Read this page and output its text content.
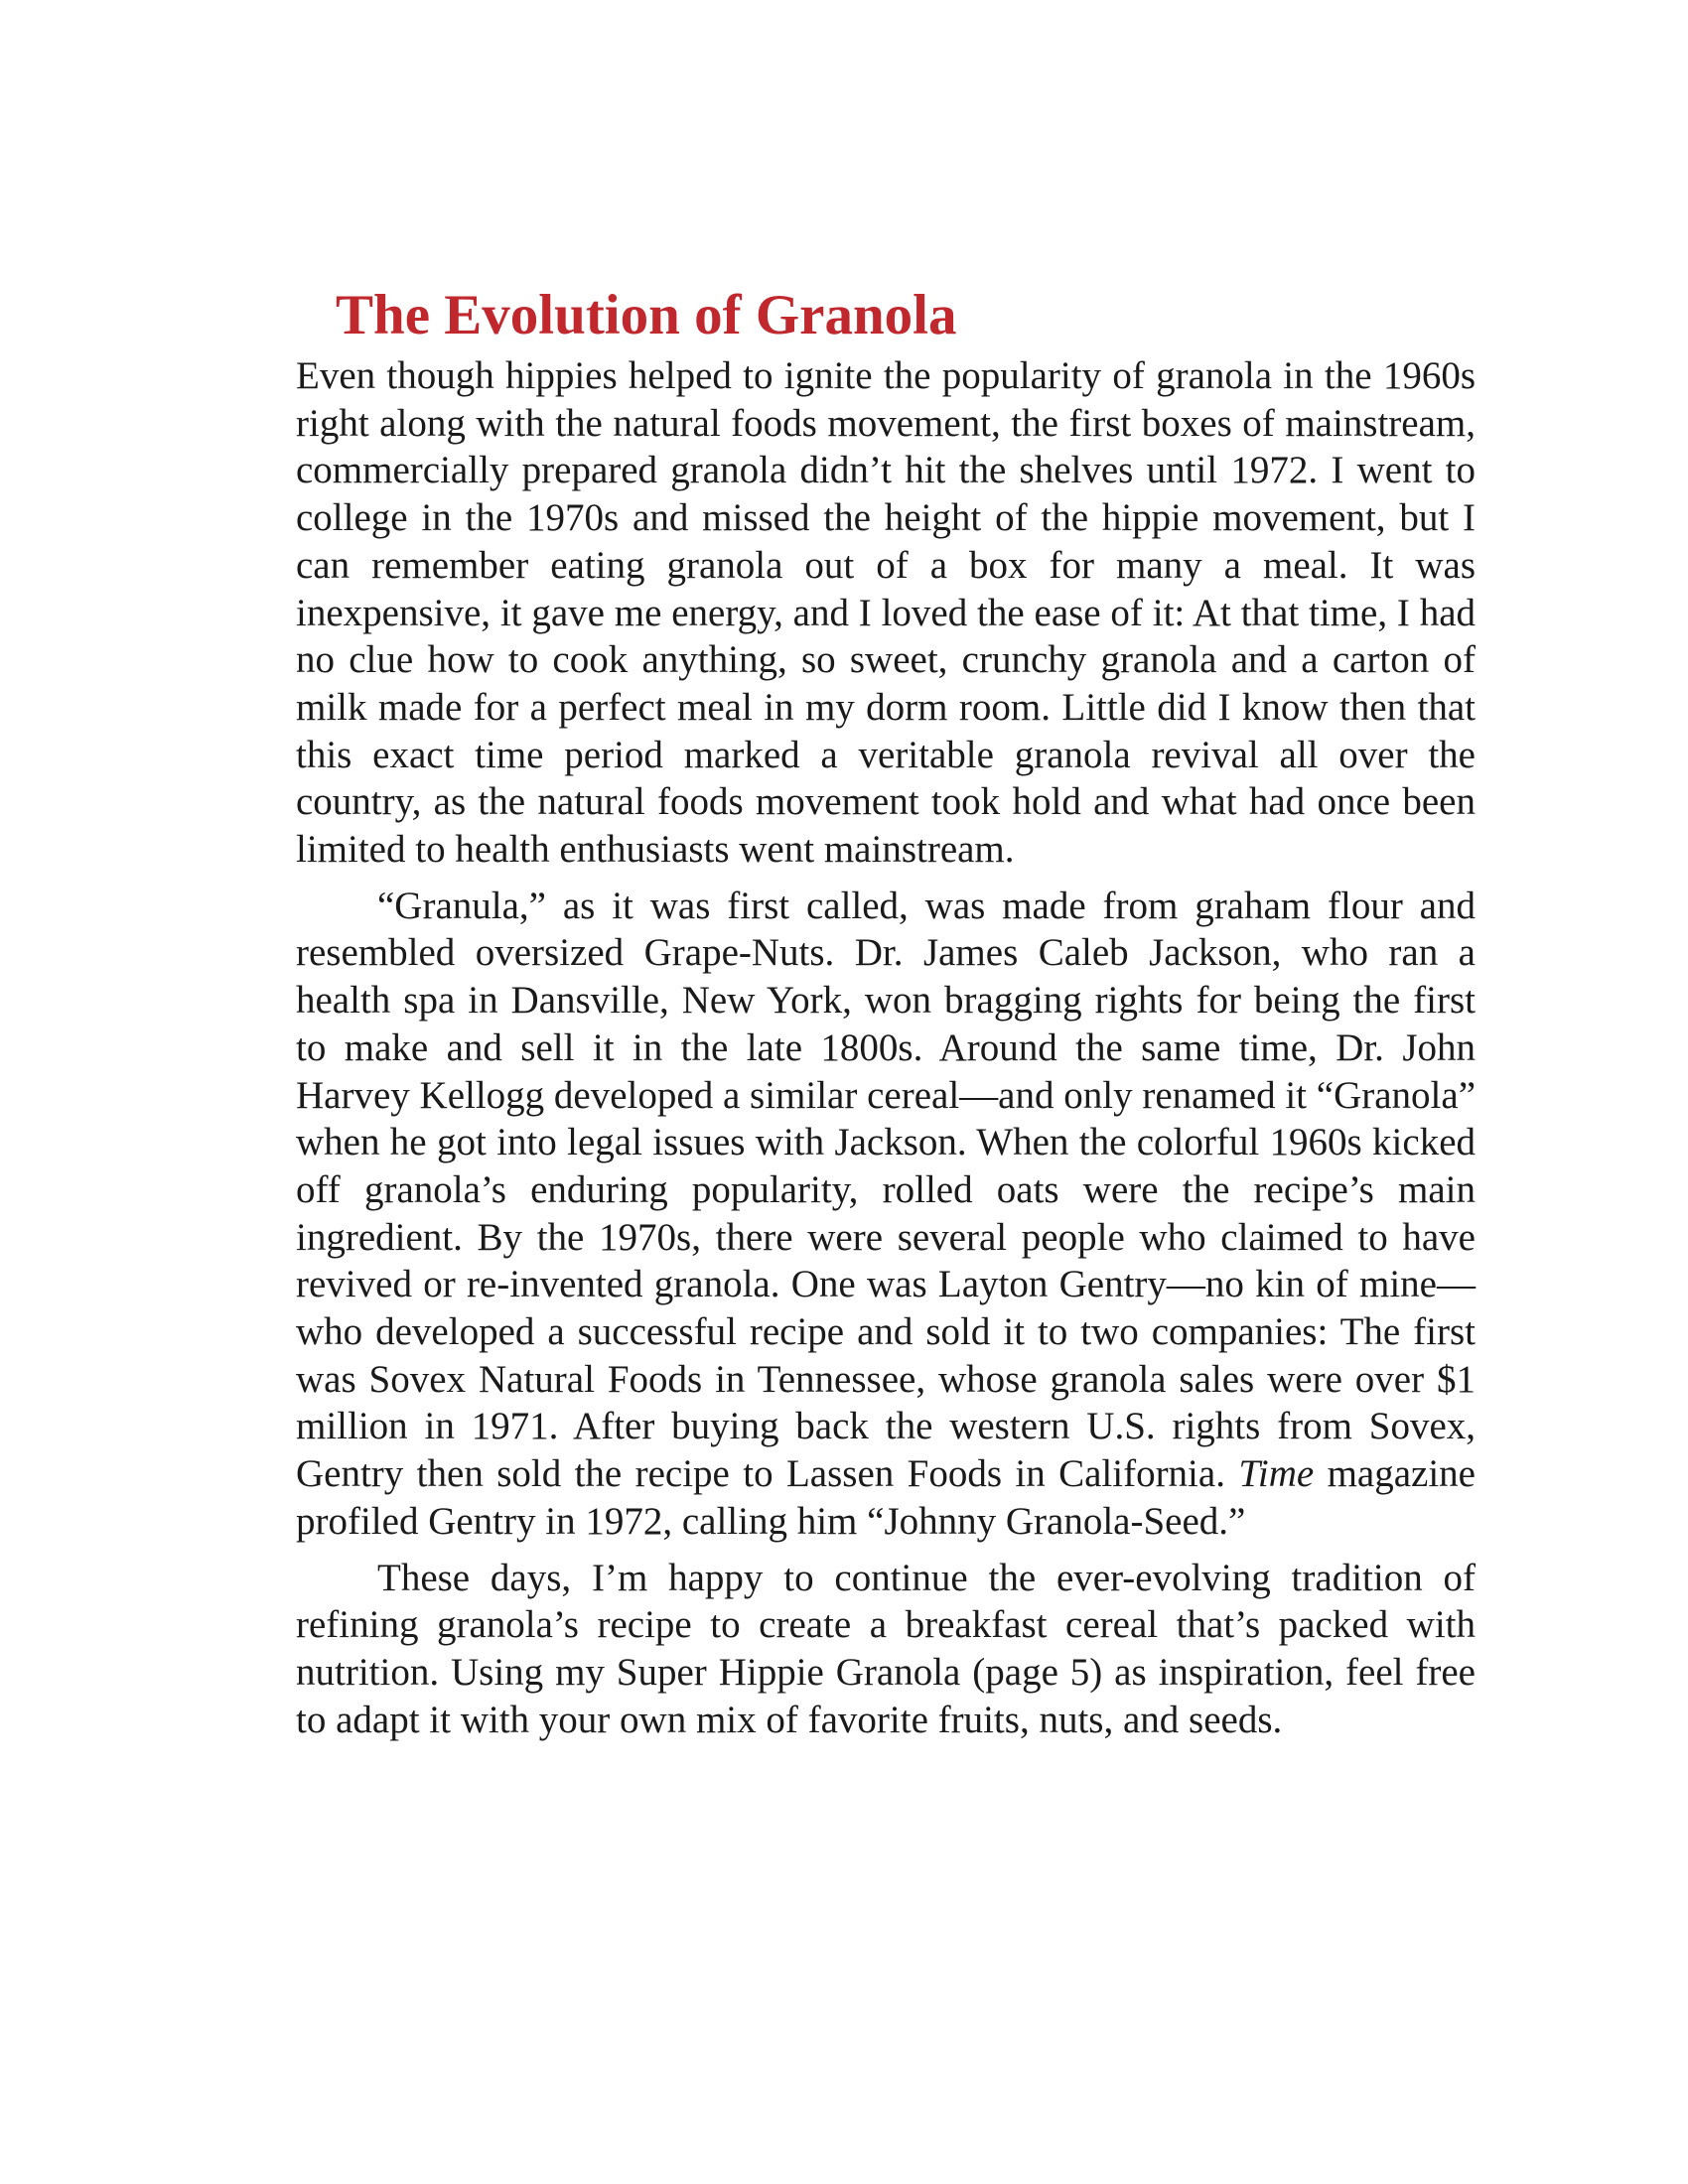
The Evolution of Granola

Even though hippies helped to ignite the popularity of granola in the 1960s right along with the natural foods movement, the first boxes of mainstream, commercially prepared granola didn’t hit the shelves until 1972. I went to college in the 1970s and missed the height of the hippie movement, but I can remember eating granola out of a box for many a meal. It was inexpensive, it gave me energy, and I loved the ease of it: At that time, I had no clue how to cook anything, so sweet, crunchy granola and a carton of milk made for a perfect meal in my dorm room. Little did I know then that this exact time period marked a veritable granola revival all over the country, as the natural foods movement took hold and what had once been limited to health enthusiasts went mainstream.

“Granula,” as it was first called, was made from graham flour and resembled oversized Grape-Nuts. Dr. James Caleb Jackson, who ran a health spa in Dansville, New York, won bragging rights for being the first to make and sell it in the late 1800s. Around the same time, Dr. John Harvey Kellogg developed a similar cereal—and only renamed it “Granola” when he got into legal issues with Jackson. When the colorful 1960s kicked off granola’s enduring popularity, rolled oats were the recipe’s main ingredient. By the 1970s, there were several people who claimed to have revived or re-invented granola. One was Layton Gentry—no kin of mine—who developed a successful recipe and sold it to two companies: The first was Sovex Natural Foods in Tennessee, whose granola sales were over $1 million in 1971. After buying back the western U.S. rights from Sovex, Gentry then sold the recipe to Lassen Foods in California. Time magazine profiled Gentry in 1972, calling him “Johnny Granola-Seed.”

These days, I’m happy to continue the ever-evolving tradition of refining granola’s recipe to create a breakfast cereal that’s packed with nutrition. Using my Super Hippie Granola (page 5) as inspiration, feel free to adapt it with your own mix of favorite fruits, nuts, and seeds.
